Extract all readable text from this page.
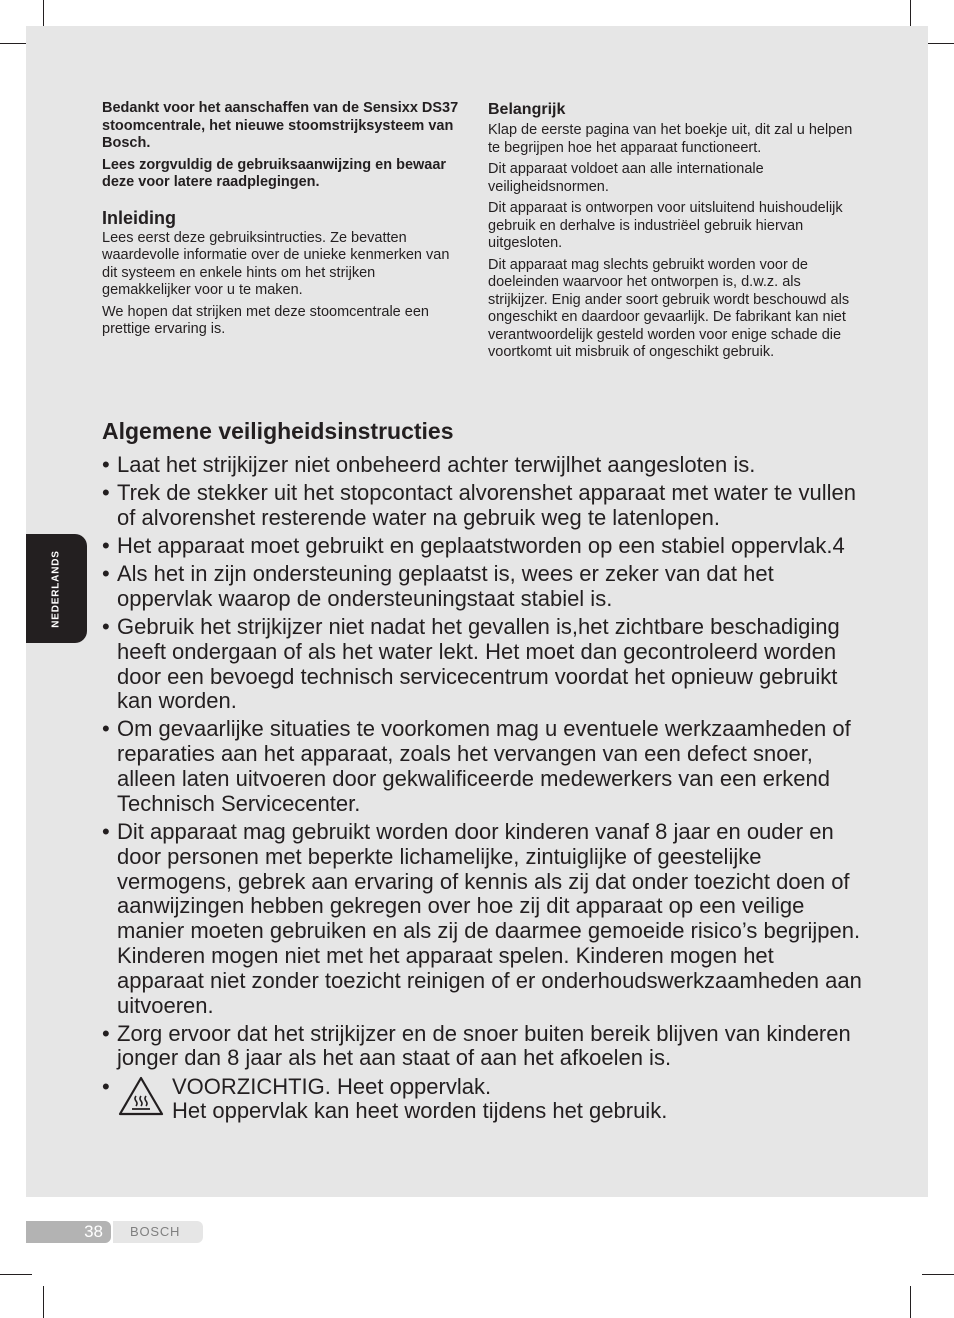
NEDERLANDS

Bedankt voor het aanschaffen van de Sensixx DS37 stoomcentrale, het nieuwe stoomstrijksysteem van Bosch.

Lees zorgvuldig de gebruiksaanwijzing en bewaar deze voor latere raadplegingen.

Inleiding

Lees eerst deze gebruiksintructies. Ze bevatten waardevolle informatie over de unieke kenmerken van dit systeem en enkele hints om het strijken gemakkelijker voor u te maken.

We hopen dat strijken met deze stoomcentrale een prettige ervaring is.

Belangrijk

Klap de eerste pagina van het boekje uit, dit zal u helpen te begrijpen hoe het apparaat functioneert.

Dit apparaat voldoet aan alle internationale veiligheidsnormen.

Dit apparaat is ontworpen voor uitsluitend huishoudelijk gebruik en derhalve is industriëel gebruik hiervan uitgesloten.

Dit apparaat mag slechts gebruikt worden voor de doeleinden waarvoor het ontworpen is, d.w.z. als strijkijzer. Enig ander soort gebruik wordt beschouwd als ongeschikt en daardoor gevaarlijk. De fabrikant kan niet verantwoordelijk gesteld worden voor enige schade die voortkomt uit misbruik of ongeschikt gebruik.

Algemene veiligheidsinstructies
• Laat het strijkijzer niet onbeheerd achter terwijlhet aangesloten is.
• Trek de stekker uit het stopcontact alvorenshet apparaat met water te vullen of alvorenshet resterende water na gebruik weg te latenlopen.
• Het apparaat moet gebruikt en geplaatstworden op een stabiel oppervlak.4
• Als het in zijn ondersteuning geplaatst is, wees er zeker van dat het oppervlak waarop de ondersteuningstaat stabiel is.
• Gebruik het strijkijzer niet nadat het gevallen is,het zichtbare beschadiging heeft ondergaan of als het water lekt. Het moet dan gecontroleerd worden door een bevoegd technisch servicecentrum voordat het opnieuw gebruikt kan worden.
• Om gevaarlijke situaties te voorkomen mag u eventuele werkzaamheden of reparaties aan het apparaat, zoals het vervangen van een defect snoer, alleen laten uitvoeren door gekwalificeerde medewerkers van een erkend Technisch Servicecenter.
• Dit apparaat mag gebruikt worden door kinderen vanaf 8 jaar en ouder en door personen met beperkte lichamelijke, zintuiglijke of geestelijke vermogens, gebrek aan ervaring of kennis als zij dat onder toezicht doen of aanwijzingen hebben gekregen over hoe zij dit apparaat op een veilige manier moeten gebruiken en als zij de daarmee gemoeide risico’s begrijpen. Kinderen mogen niet met het apparaat spelen. Kinderen mogen het apparaat niet zonder toezicht reinigen of er onderhoudswerkzaamheden aan uitvoeren.
• Zorg ervoor dat het strijkijzer en de snoer buiten bereik blijven van kinderen jonger dan 8 jaar als het aan staat of aan het afkoelen is.
•	VOORZICHTIG. Heet oppervlak.
Het oppervlak kan heet worden tijdens het gebruik.
38 BOSCH
